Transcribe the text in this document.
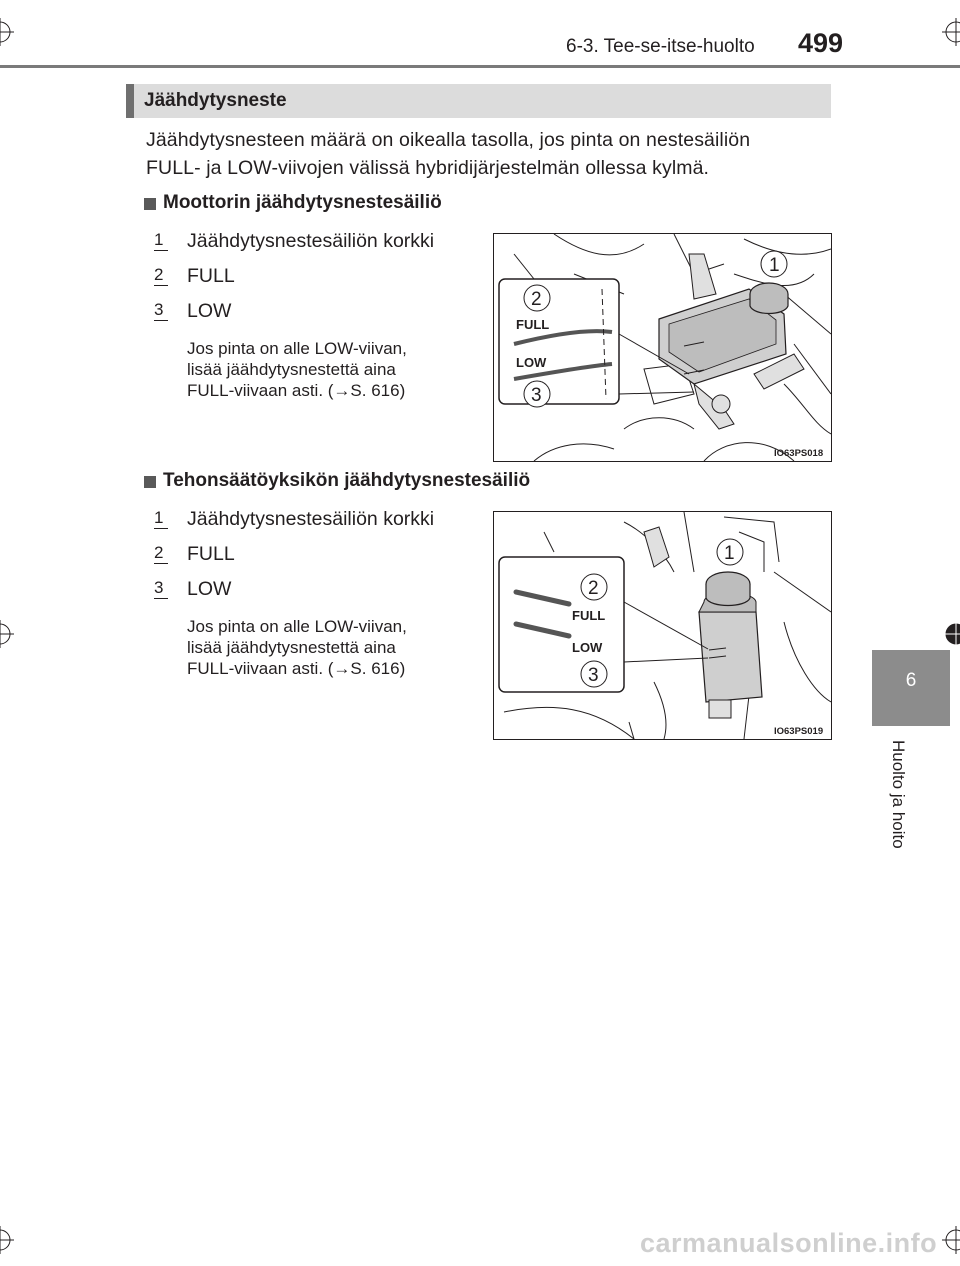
6-3. Tee-se-itse-huolto 499
6
Huolto ja hoito
Jäähdytysneste
Jäähdytysnesteen määrä on oikealla tasolla, jos pinta on nestesäiliön
FULL- ja LOW-viivojen välissä hybridijärjestelmän ollessa kylmä.
Moottorin jäähdytysnestesäiliö
1 Jäähdytysnestesäiliön korkki
2 FULL
3 LOW
Jos pinta on alle LOW-viivan,
lisää jäähdytysnestettä aina
FULL-viivaan asti. (→S. 616)
FULL
LOW
1
2
3
IO63PS018
Tehonsäätöyksikön jäähdytysnestesäiliö
1 Jäähdytysnestesäiliön korkki
2 FULL
3 LOW
Jos pinta on alle LOW-viivan,
lisää jäähdytysnestettä aina
FULL-viivaan asti. (→S. 616)
FULL
LOW
1
2
3
IO63PS019
carmanualsonline.info
